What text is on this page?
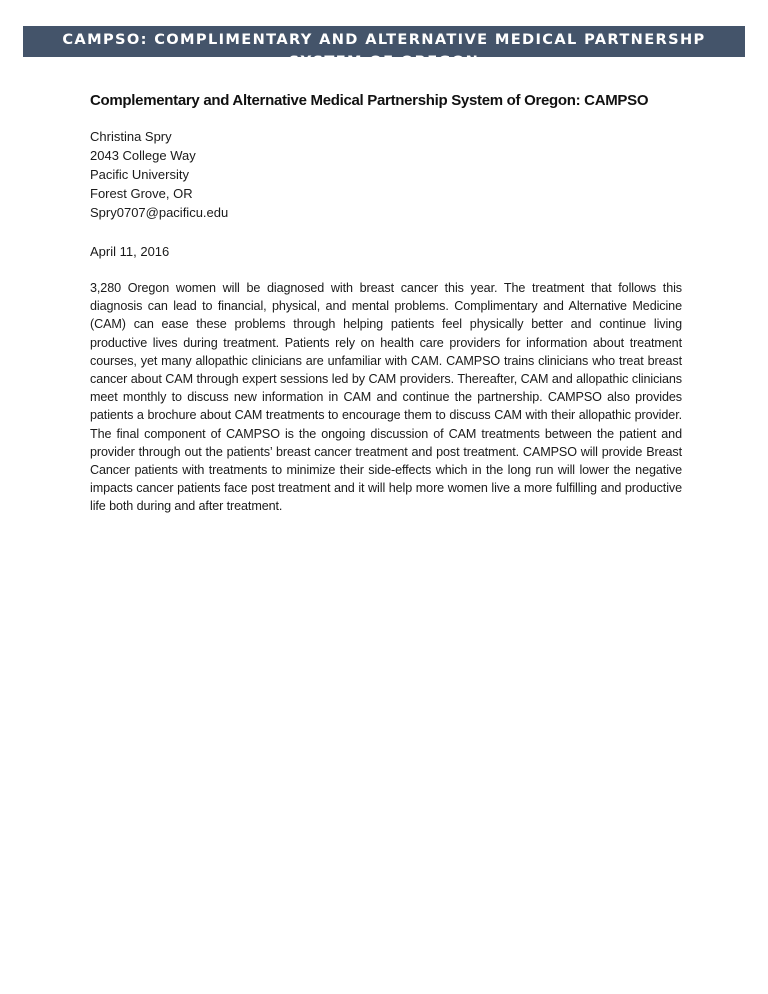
CAMPSO: COMPLIMENTARY AND ALTERNATIVE MEDICAL PARTNERSHP SYSTEM OF OREGON
Complementary and Alternative Medical Partnership System of Oregon: CAMPSO
Christina Spry
2043 College Way
Pacific University
Forest Grove, OR
Spry0707@pacificu.edu
April 11, 2016

3,280 Oregon women will be diagnosed with breast cancer this year. The treatment that follows this diagnosis can lead to financial, physical, and mental problems. Complimentary and Alternative Medicine (CAM) can ease these problems through helping patients feel physically better and continue living productive lives during treatment. Patients rely on health care providers for information about treatment courses, yet many allopathic clinicians are unfamiliar with CAM. CAMPSO trains clinicians who treat breast cancer about CAM through expert sessions led by CAM providers. Thereafter, CAM and allopathic clinicians meet monthly to discuss new information in CAM and continue the partnership. CAMPSO also provides patients a brochure about CAM treatments to encourage them to discuss CAM with their allopathic provider. The final component of CAMPSO is the ongoing discussion of CAM treatments between the patient and provider through out the patients’ breast cancer treatment and post treatment. CAMPSO will provide Breast Cancer patients with treatments to minimize their side-effects which in the long run will lower the negative impacts cancer patients face post treatment and it will help more women live a more fulfilling and productive life both during and after treatment.
